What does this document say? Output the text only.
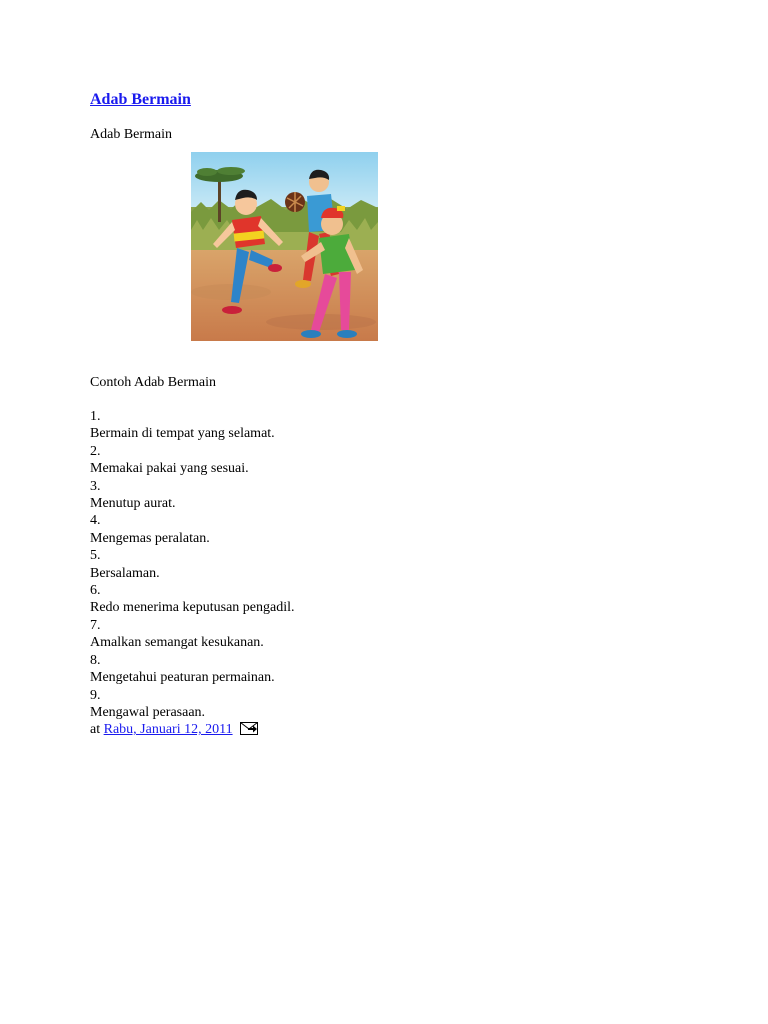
Adab Bermain
Adab Bermain
Contoh Adab Bermain
1.
Bermain di tempat yang selamat.
2.
Memakai pakai yang sesuai.
3.
Menutup aurat.
4.
Mengemas peralatan.
5.
Bersalaman.
6.
Redo menerima keputusan pengadil.
7.
Amalkan semangat kesukanan.
8.
Mengetahui peaturan permainan.
9.
Mengawal perasaan.
at Rabu, Januari 12, 2011
